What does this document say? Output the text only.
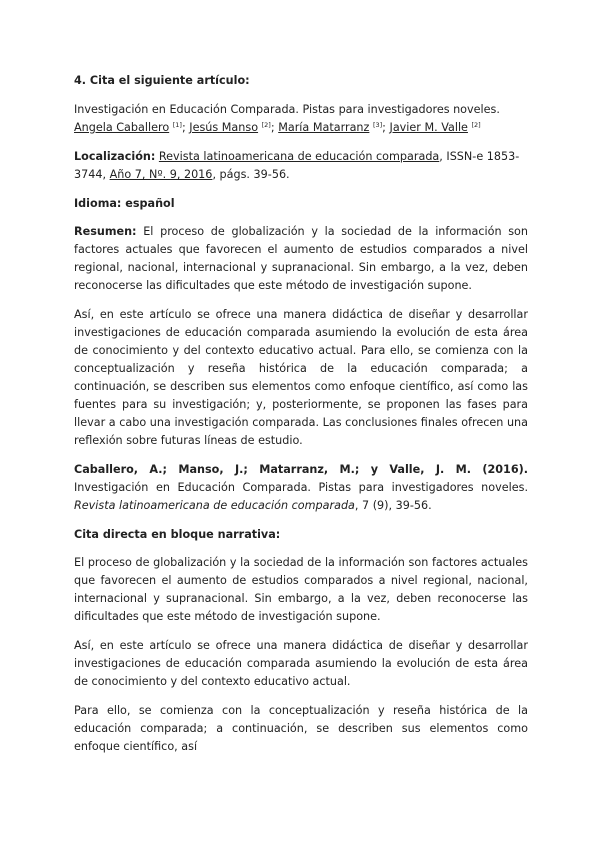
4. Cita el siguiente artículo:

Investigación en Educación Comparada. Pistas para investigadores noveles. Angela Caballero [1]; Jesús Manso [2]; María Matarranz [3]; Javier M. Valle [2]

Localización: Revista latinoamericana de educación comparada, ISSN-e 1853-3744, Año 7, Nº. 9, 2016, págs. 39-56.

Idioma: español

Resumen: El proceso de globalización y la sociedad de la información son factores actuales que favorecen el aumento de estudios comparados a nivel regional, nacional, internacional y supranacional. Sin embargo, a la vez, deben reconocerse las dificultades que este método de investigación supone.

Así, en este artículo se ofrece una manera didáctica de diseñar y desarrollar investigaciones de educación comparada asumiendo la evolución de esta área de conocimiento y del contexto educativo actual. Para ello, se comienza con la conceptualización y reseña histórica de la educación comparada; a continuación, se describen sus elementos como enfoque científico, así como las fuentes para su investigación; y, posteriormente, se proponen las fases para llevar a cabo una investigación comparada. Las conclusiones finales ofrecen una reflexión sobre futuras líneas de estudio.

Caballero, A.; Manso, J.; Matarranz, M.; y Valle, J. M. (2016). Investigación en Educación Comparada. Pistas para investigadores noveles. Revista latinoamericana de educación comparada, 7 (9), 39-56.

Cita directa en bloque narrativa:

El proceso de globalización y la sociedad de la información son factores actuales que favorecen el aumento de estudios comparados a nivel regional, nacional, internacional y supranacional. Sin embargo, a la vez, deben reconocerse las dificultades que este método de investigación supone.

Así, en este artículo se ofrece una manera didáctica de diseñar y desarrollar investigaciones de educación comparada asumiendo la evolución de esta área de conocimiento y del contexto educativo actual.

Para ello, se comienza con la conceptualización y reseña histórica de la educación comparada; a continuación, se describen sus elementos como enfoque científico, así
